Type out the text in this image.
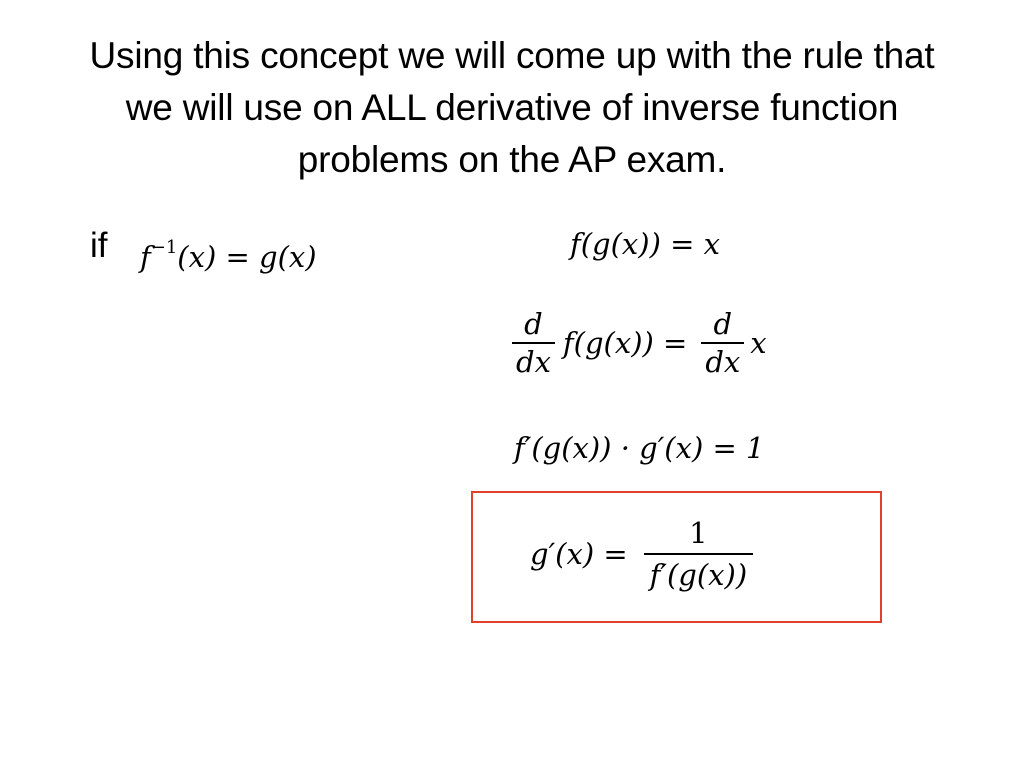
Using this concept we will come up with the rule that
we will use on ALL derivative of inverse function
problems on the AP exam.
if $f^{-1}(x) = g(x)$	f(g(x)) = x
$\frac{d}{dx} f(g(x)) = \frac{d}{dx}$ x
f′(g(x)) · g′(x) = 1
$g'(x) = \frac{1}{f'(g(x))}$
